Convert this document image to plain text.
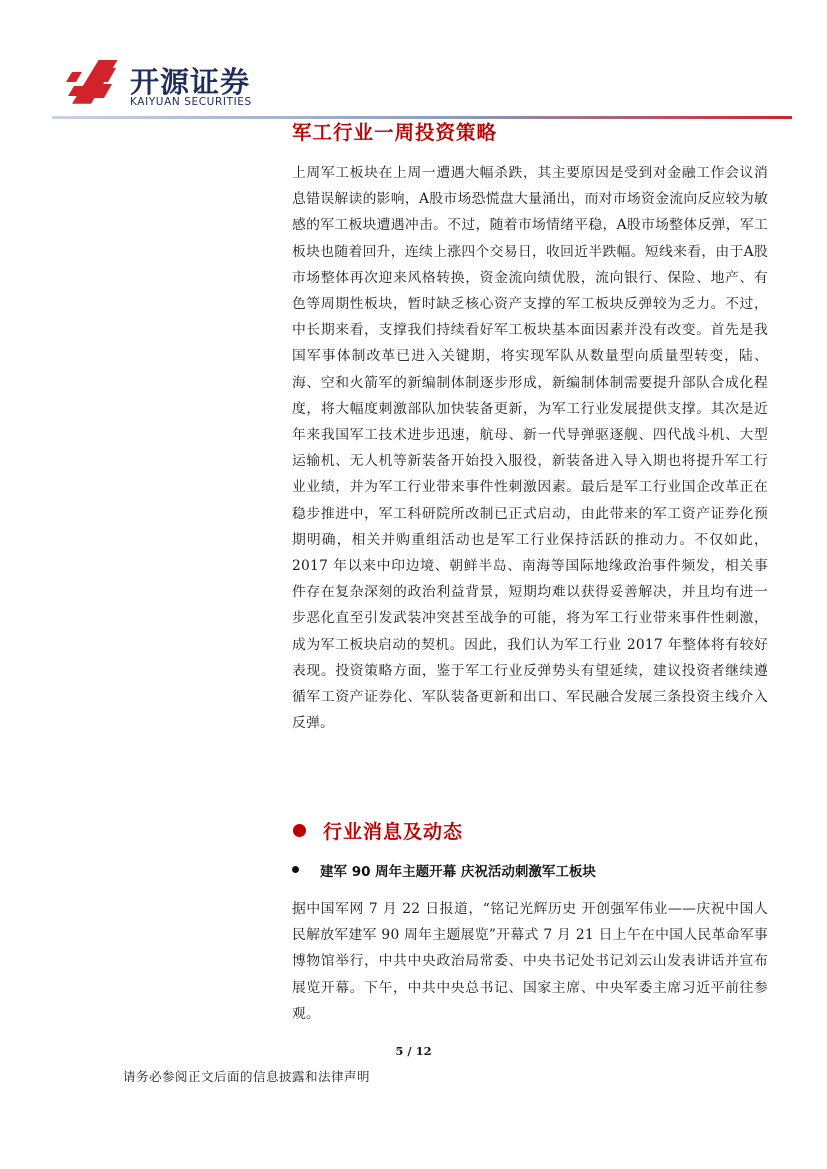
开源证券
KAIYUAN SECURITIES
军工行业一周投资策略

上周军工板块在上周一遭遇大幅杀跌，其主要原因是受到对金融工作会议消息错误解读的影响，A股市场恐慌盘大量涌出，而对市场资金流向反应较为敏感的军工板块遭遇冲击。不过，随着市场情绪平稳，A股市场整体反弹，军工板块也随着回升，连续上涨四个交易日，收回近半跌幅。短线来看，由于A股市场整体再次迎来风格转换，资金流向绩优股，流向银行、保险、地产、有色等周期性板块，暂时缺乏核心资产支撑的军工板块反弹较为乏力。不过，中长期来看，支撑我们持续看好军工板块基本面因素并没有改变。首先是我国军事体制改革已进入关键期，将实现军队从数量型向质量型转变，陆、海、空和火箭军的新编制体制逐步形成，新编制体制需要提升部队合成化程度，将大幅度刺激部队加快装备更新，为军工行业发展提供支撑。其次是近年来我国军工技术进步迅速，航母、新一代导弹驱逐舰、四代战斗机、大型运输机、无人机等新装备开始投入服役，新装备进入导入期也将提升军工行业业绩，并为军工行业带来事件性刺激因素。最后是军工行业国企改革正在稳步推进中，军工科研院所改制已正式启动，由此带来的军工资产证券化预期明确，相关并购重组活动也是军工行业保持活跃的推动力。不仅如此，2017 年以来中印边境、朝鲜半岛、南海等国际地缘政治事件频发，相关事件存在复杂深刻的政治利益背景，短期均难以获得妥善解决，并且均有进一步恶化直至引发武装冲突甚至战争的可能，将为军工行业带来事件性刺激，成为军工板块启动的契机。因此，我们认为军工行业 2017 年整体将有较好表现。投资策略方面，鉴于军工行业反弹势头有望延续，建议投资者继续遵循军工资产证券化、军队装备更新和出口、军民融合发展三条投资主线介入反弹。

行业消息及动态
建军 90 周年主题开幕 庆祝活动刺激军工板块

据中国军网 7 月 22 日报道，“铭记光辉历史 开创强军伟业——庆祝中国人民解放军建军 90 周年主题展览”开幕式 7 月 21 日上午在中国人民革命军事博物馆举行，中共中央政治局常委、中央书记处书记刘云山发表讲话并宣布展览开幕。下午，中共中央总书记、国家主席、中央军委主席习近平前往参观。

5 / 12
请务必参阅正文后面的信息披露和法律声明
